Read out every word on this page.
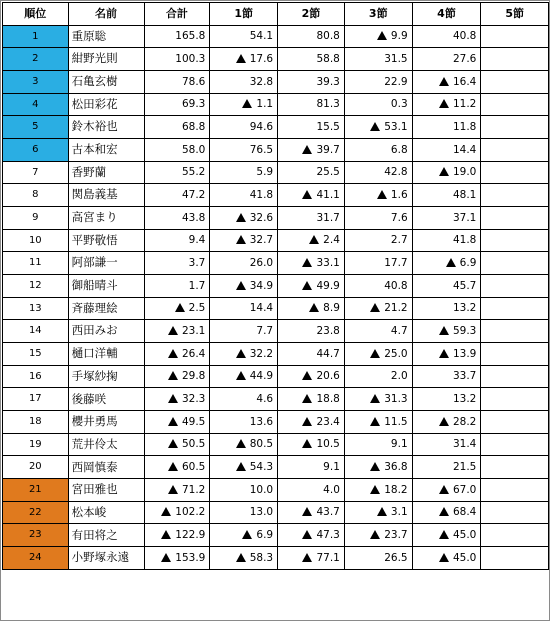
順位	名前	合計	1節	2節	3節	4節	5節
1	重原聡	165.8	54.1	80.8	9.9	40.8	
2	紺野光則	100.3	17.6	58.8	31.5	27.6	
3	石亀玄樹	78.6	32.8	39.3	22.9	16.4	
4	松田彩花	69.3	1.1	81.3	0.3	11.2	
5	鈴木裕也	68.8	94.6	15.5	53.1	11.8	
6	古本和宏	58.0	76.5	39.7	6.8	14.4	
7	香野蘭	55.2	5.9	25.5	42.8	19.0	
8	関島義基	47.2	41.8	41.1	1.6	48.1	
9	高宮まり	43.8	32.6	31.7	7.6	37.1	
10	平野敬悟	9.4	32.7	2.4	2.7	41.8	
11	阿部謙一	3.7	26.0	33.1	17.7	6.9	
12	御船晴斗	1.7	34.9	49.9	40.8	45.7	
13	斉藤理絵	2.5	14.4	8.9	21.2	13.2	
14	西田みお	23.1	7.7	23.8	4.7	59.3	
15	樋口洋輔	26.4	32.2	44.7	25.0	13.9	
16	手塚紗掬	29.8	44.9	20.6	2.0	33.7	
17	後藤咲	32.3	4.6	18.8	31.3	13.2	
18	櫻井勇馬	49.5	13.6	23.4	11.5	28.2	
19	荒井伶太	50.5	80.5	10.5	9.1	31.4	
20	西岡慎泰	60.5	54.3	9.1	36.8	21.5	
21	宮田雅也	71.2	10.0	4.0	18.2	67.0	
22	松本峻	102.2	13.0	43.7	3.1	68.4	
23	有田将之	122.9	6.9	47.3	23.7	45.0	
24	小野塚永遠	153.9	58.3	77.1	26.5	45.0	
